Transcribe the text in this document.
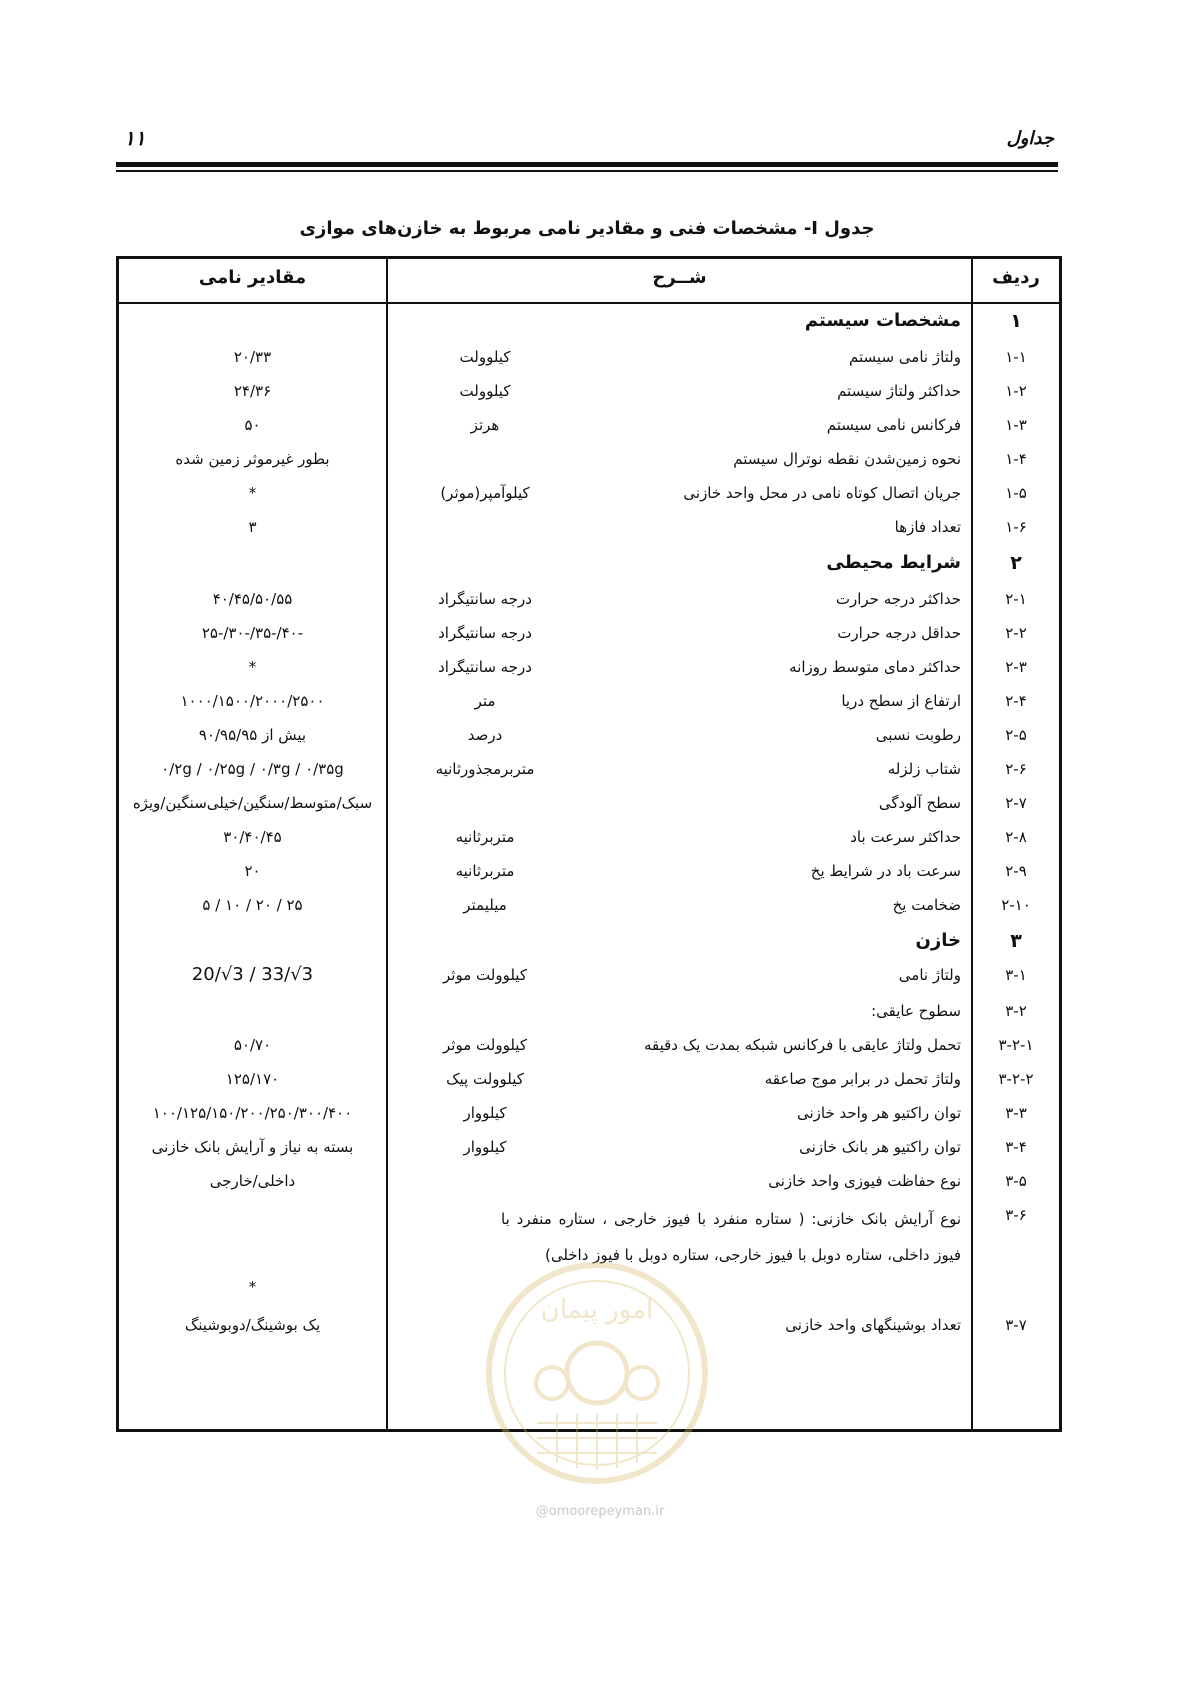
۱۱	جداول
جدول I- مشخصات فنی و مقادیر نامی مربوط به خازن‌های موازی
ردیف
شــرح
مقادیر نامی
۱
مشخصات سیستم
۱-۱
ولتاژ نامی سیستم
کیلوولت
۲۰/۳۳
۱-۲
حداکثر ولتاژ سیستم
کیلوولت
۲۴/۳۶
۱-۳
فرکانس نامی سیستم
هرتز
۵۰
۱-۴
نحوه زمین‌شدن نقطه نوترال سیستم
بطور غیرموثر زمین شده
۱-۵
جریان اتصال کوتاه نامی در محل واحد خازنی
کیلوآمپر(موثر)
*
۱-۶
تعداد فازها
۳
۲
شرایط محیطی
۲-۱
حداکثر درجه حرارت
درجه سانتیگراد
۴۰/۴۵/۵۰/۵۵
۲-۲
حداقل درجه حرارت
درجه سانتیگراد
-۴۰/-۳۵/-۳۰/-۲۵
۲-۳
حداکثر دمای متوسط روزانه
درجه سانتیگراد
*
۲-۴
ارتفاع از سطح دریا
متر
۱۰۰۰/۱۵۰۰/۲۰۰۰/۲۵۰۰
۲-۵
رطوبت نسبی
درصد
بیش از ۹۰/۹۵/۹۵
۲-۶
شتاب زلزله
متربرمجذورثانیه
۰/۲g / ۰/۲۵g / ۰/۳g / ۰/۳۵g
۲-۷
سطح آلودگی
سبک/متوسط/سنگین/خیلی‌سنگین/ویژه
۲-۸
حداکثر سرعت باد
متربرثانیه
۳۰/۴۰/۴۵
۲-۹
سرعت باد در شرایط یخ
متربرثانیه
۲۰
۲-۱۰
ضخامت یخ
میلیمتر
۲۵ / ۲۰ / ۱۰ / ۵
۳
خازن
۳-۱
ولتاژ نامی
کیلوولت موثر
20/√3 / 33/√3
۳-۲
سطوح عایقی:
۳-۲-۱
تحمل ولتاژ عایقی با فرکانس شبکه بمدت یک دقیقه
کیلوولت موثر
۵۰/۷۰
۳-۲-۲
ولتاژ تحمل در برابر موج صاعقه
کیلوولت پیک
۱۲۵/۱۷۰
۳-۳
توان راکتیو هر واحد خازنی
کیلووار
۱۰۰/۱۲۵/۱۵۰/۲۰۰/۲۵۰/۳۰۰/۴۰۰
۳-۴
توان راکتیو هر بانک خازنی
کیلووار
بسته به نیاز و آرایش بانک خازنی
۳-۵
نوع حفاظت فیوزی واحد خازنی
داخلی/خارجی
۳-۶
نوع آرایش بانک خازنی: ( ستاره منفرد با فیوز خارجی ، ستاره منفرد با فیوز داخلی، ستاره دوبل با فیوز خارجی، ستاره دوبل با فیوز داخلی)
*
۳-۷
تعداد بوشینگهای واحد خازنی
یک بوشینگ/دوبوشینگ	امور پیمان
@omoorepeyman.ir
